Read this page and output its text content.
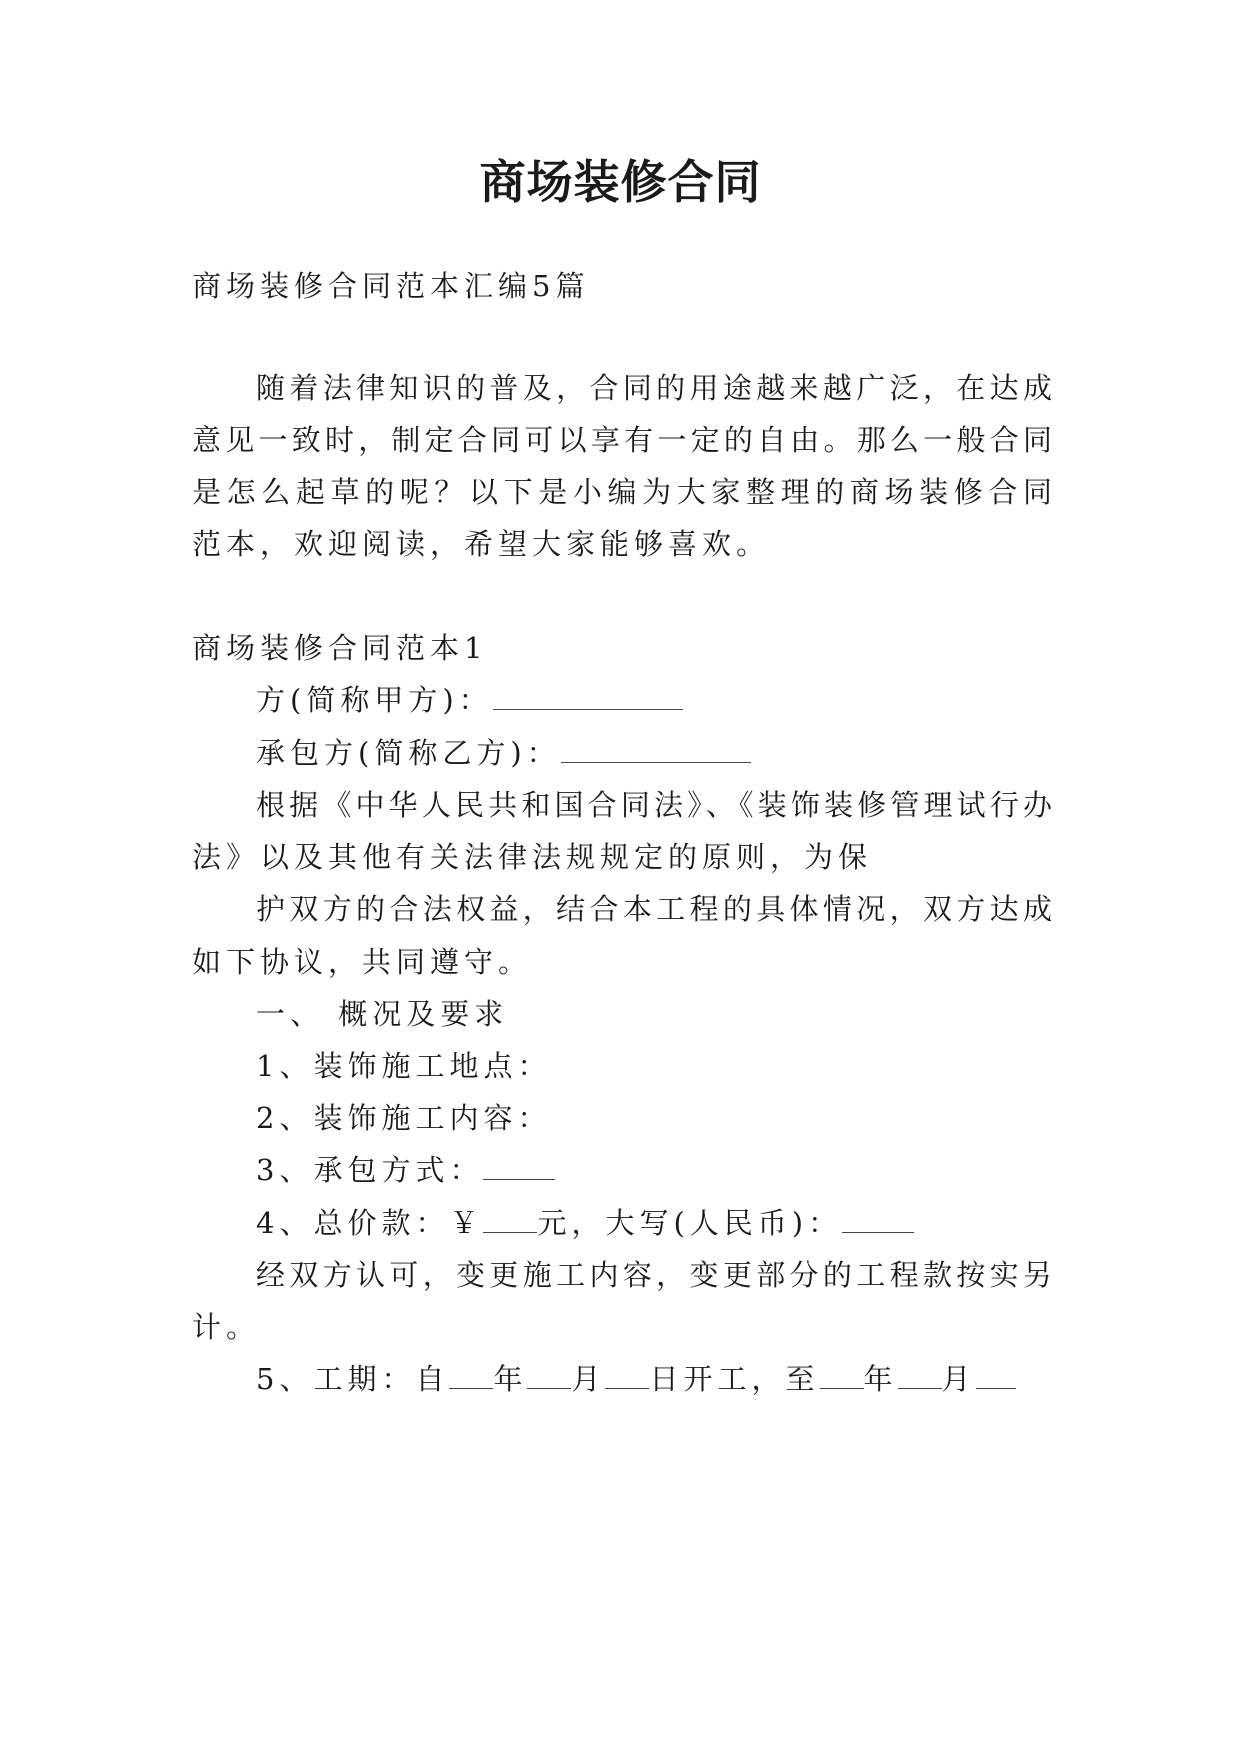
商场装修合同

商场装修合同范本汇编5篇

随着法律知识的普及，合同的用途越来越广泛，在达成

意见一致时，制定合同可以享有一定的自由。那么一般合同

是怎么起草的呢？以下是小编为大家整理的商场装修合同

范本，欢迎阅读，希望大家能够喜欢。

商场装修合同范本1

方(简称甲方)：

承包方(简称乙方)：

根据《中华人民共和国合同法》、《装饰装修管理试行办

法》以及其他有关法律法规规定的原则，为保

护双方的合法权益，结合本工程的具体情况，双方达成

如下协议，共同遵守。

一、 概况及要求

1、装饰施工地点：

2、装饰施工内容：

3、承包方式：

4、总价款：￥ 元，大写(人民币)：

经双方认可，变更施工内容，变更部分的工程款按实另

计。

5、工期：自 年 月 日开工，至 年 月
